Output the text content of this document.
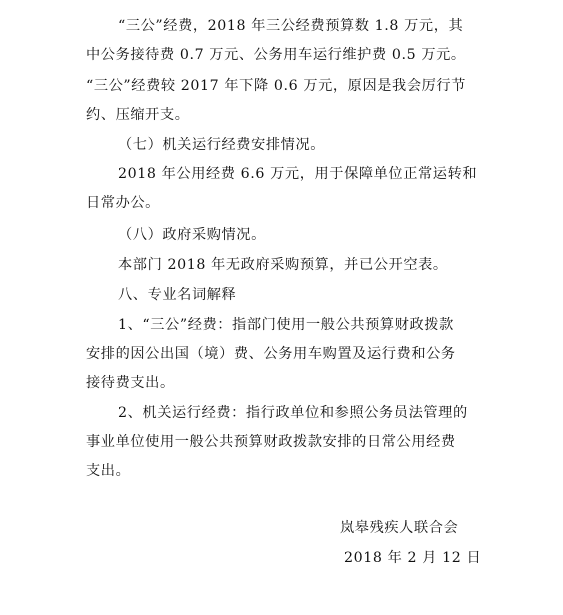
“三公”经费，2018 年三公经费预算数 1.8 万元，其
中公务接待费 0.7 万元、公务用车运行维护费 0.5 万元。
“三公”经费较 2017 年下降 0.6 万元，原因是我会厉行节
约、压缩开支。
（七）机关运行经费安排情况。
2018 年公用经费 6.6 万元，用于保障单位正常运转和
日常办公。
（八）政府采购情况。
本部门 2018 年无政府采购预算，并已公开空表。
八、专业名词解释
1、“三公”经费：指部门使用一般公共预算财政拨款
安排的因公出国（境）费、公务用车购置及运行费和公务
接待费支出。
2、机关运行经费：指行政单位和参照公务员法管理的
事业单位使用一般公共预算财政拨款安排的日常公用经费
支出。
岚皋残疾人联合会
2018 年 2 月 12 日
